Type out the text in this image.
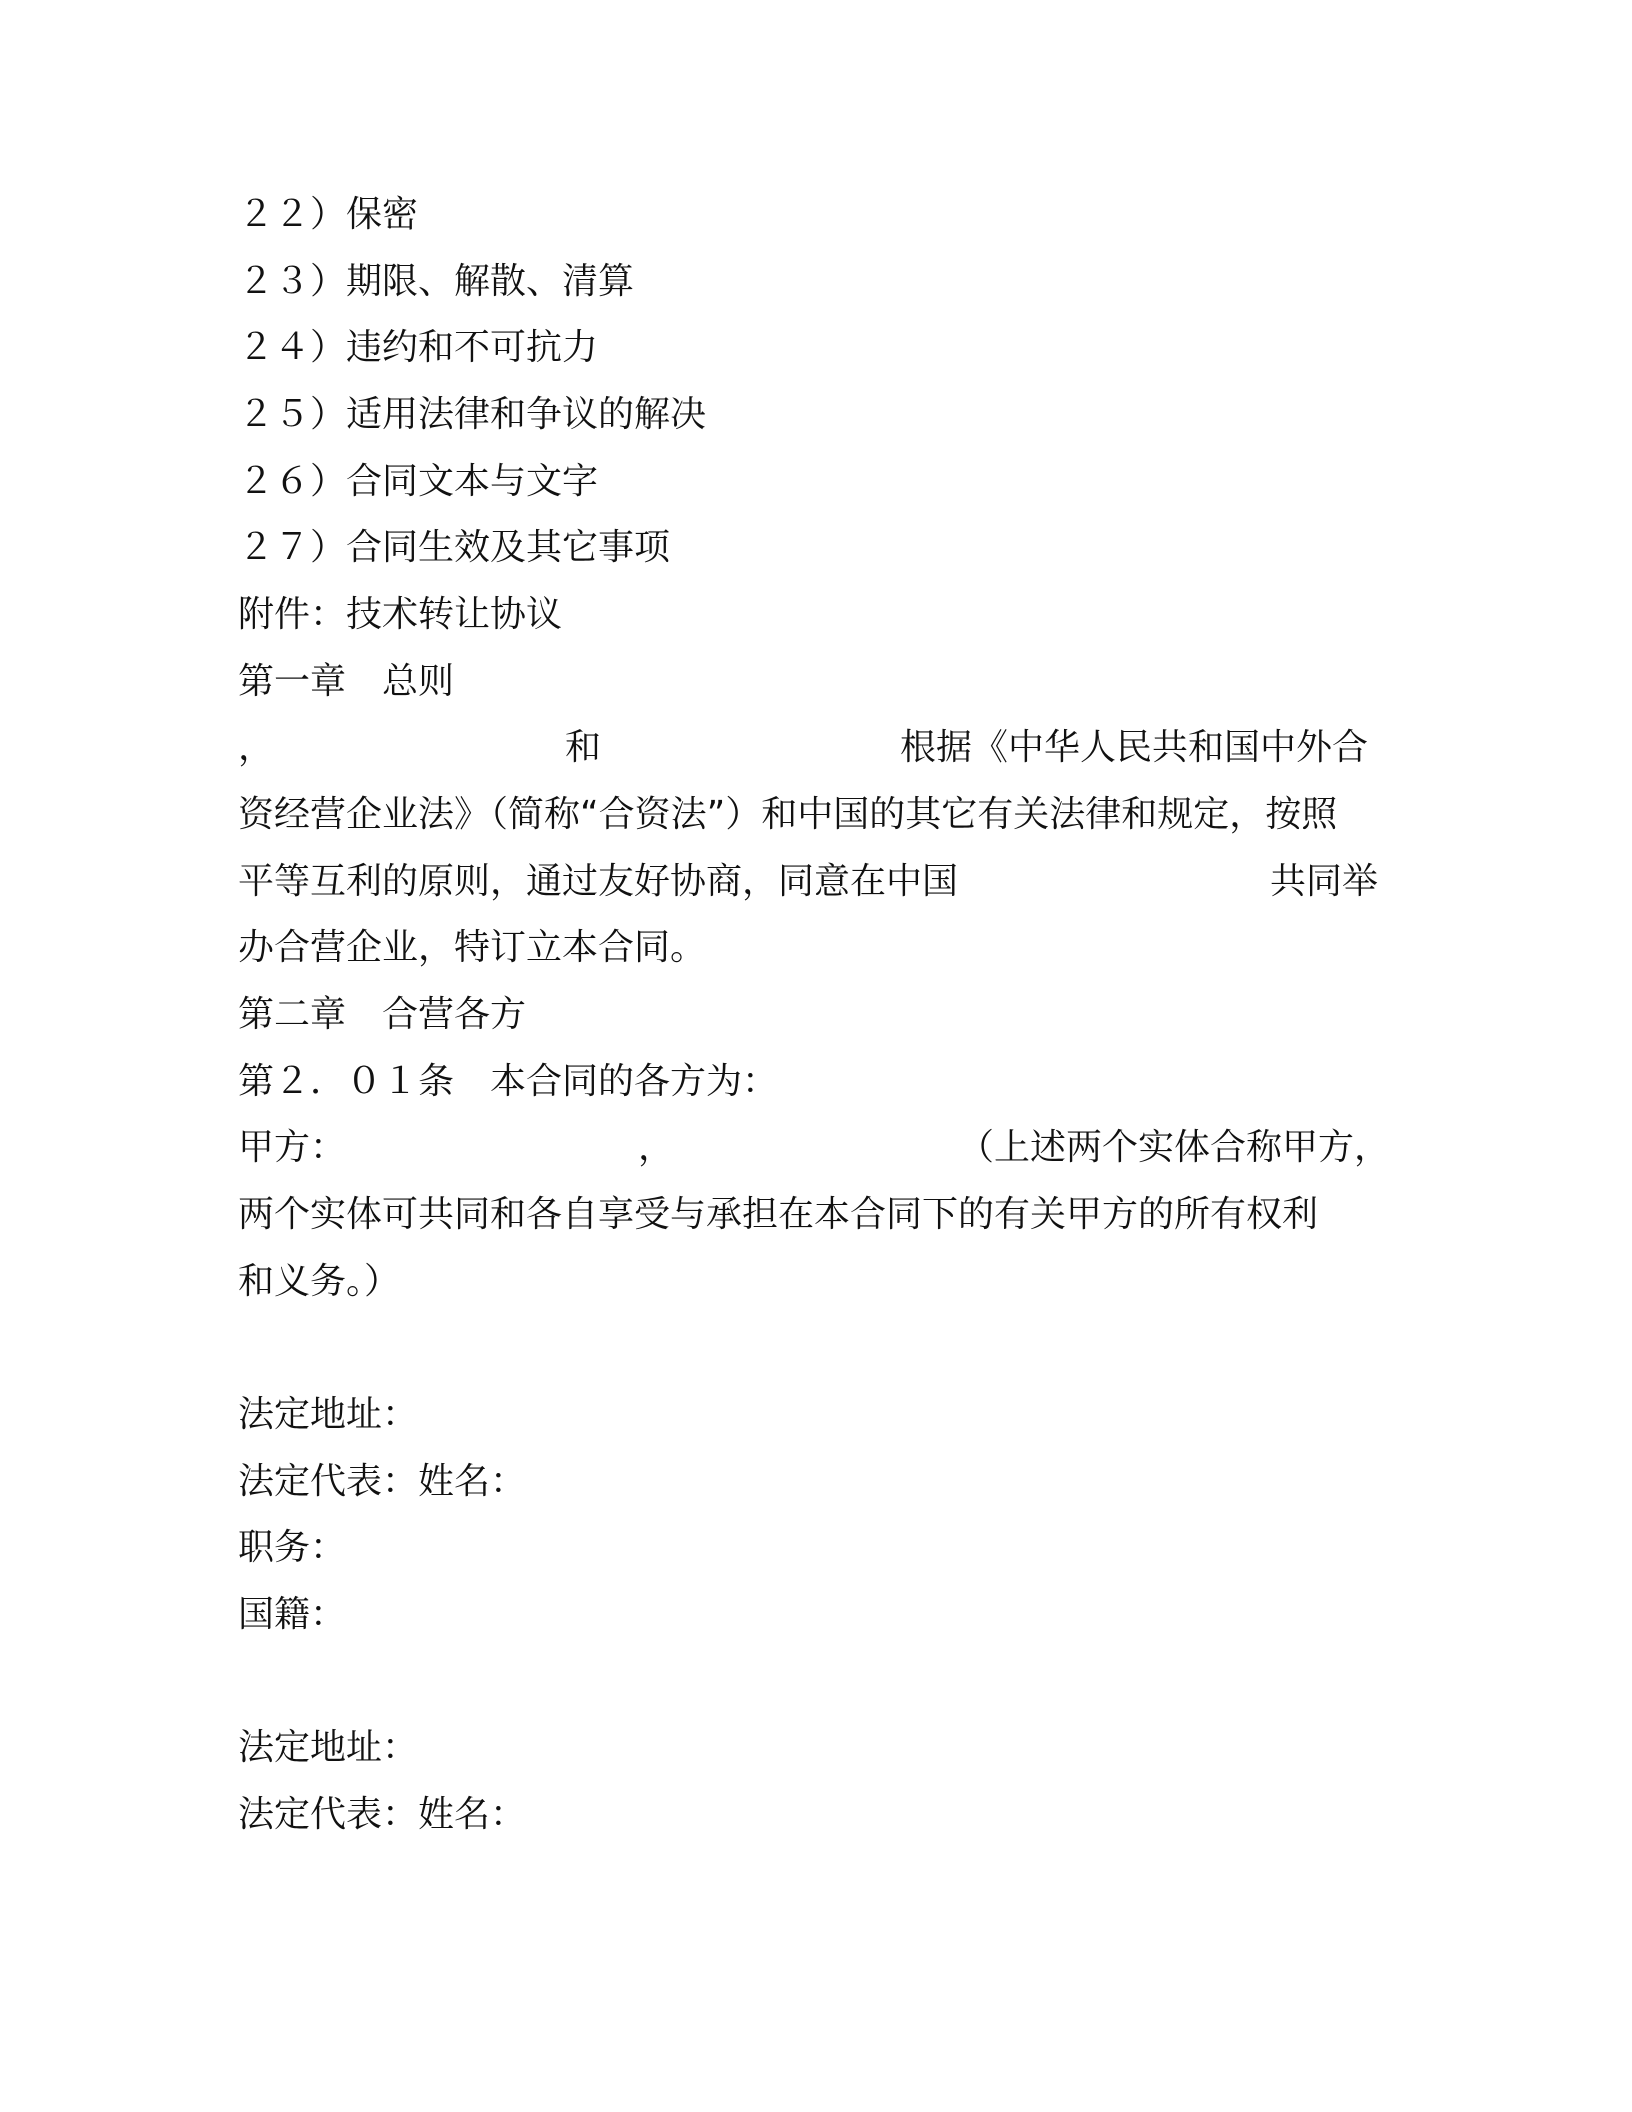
２２）保密
２３）期限、解散、清算
２４）违约和不可抗力
２５）适用法律和争议的解决
２６）合同文本与文字
２７）合同生效及其它事项
附件：技术转让协议
第一章　总则
，	和	根据《中华人民共和国中外合
资经营企业法》（简称“合资法”）和中国的其它有关法律和规定，按照
平等互利的原则，通过友好协商，同意在中国	共同举
办合营企业，特订立本合同。
第二章　合营各方
第２．０１条　本合同的各方为：
甲方：	，	（上述两个实体合称甲方，
两个实体可共同和各自享受与承担在本合同下的有关甲方的所有权利
和义务。）
法定地址：
法定代表：姓名：
职务：
国籍：
法定地址：
法定代表：姓名：
